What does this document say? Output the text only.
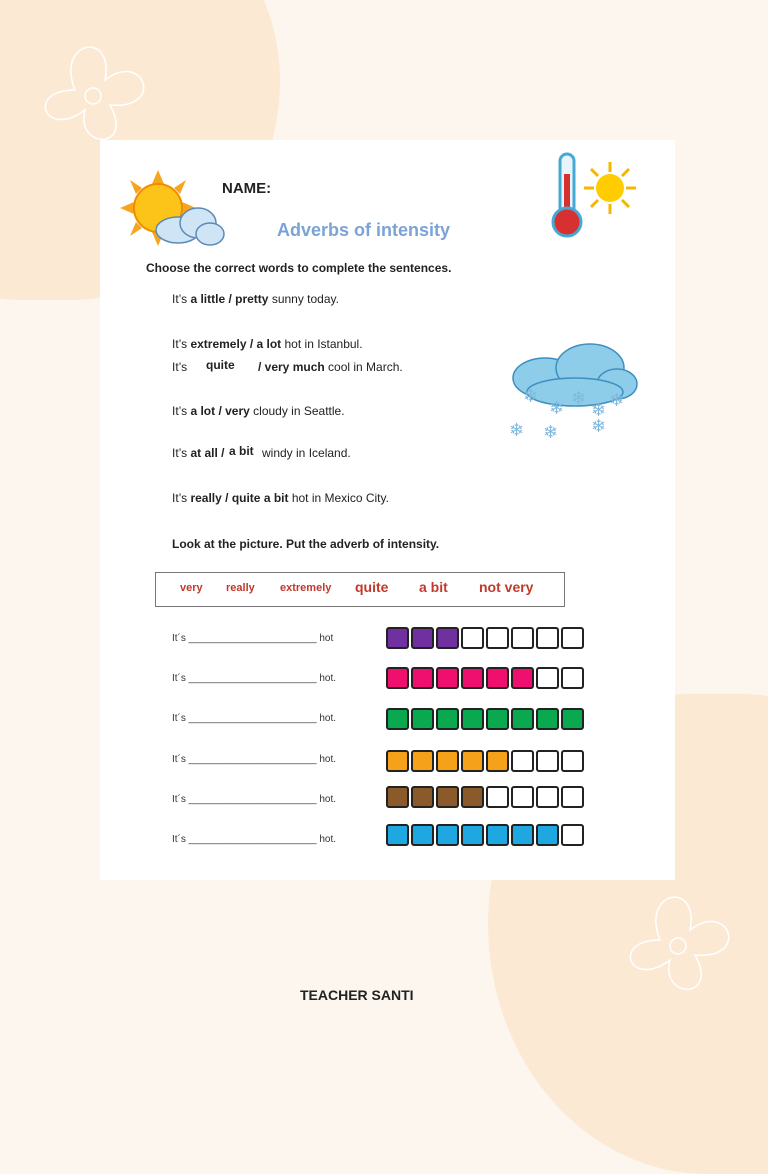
NAME:
Adverbs of intensity
Choose the correct words to complete the sentences.
It’s a little / pretty sunny today.
It’s extremely / a lot hot in Istanbul.
It’s quite / very much cool in March.
It’s a lot / very cloudy in Seattle.
It’s at all / a bit windy in Iceland.
It’s really / quite a bit hot in Mexico City.
❄
❄ ❄
❄ ❄
❄ ❄ ❄
Look at the picture. Put the adverb of intensity.
very really extremely quite a bit not very
It´s _______________________ hot
It´s _______________________ hot.
It´s _______________________ hot.
It´s _______________________ hot.
It´s _______________________ hot.
It´s _______________________ hot.
TEACHER SANTI
